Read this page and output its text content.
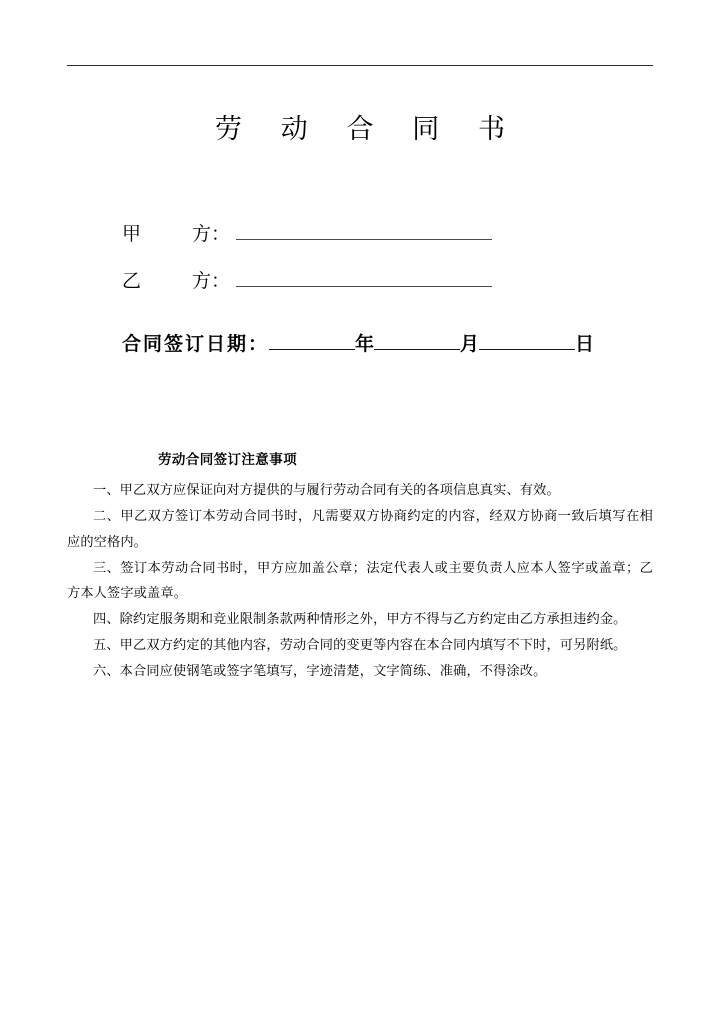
劳 动 合 同 书
甲	方 ：
乙	方 ：
合同签订日期：	年	月	日
劳动合同签订注意事项

一、甲乙双方应保证向对方提供的与履行劳动合同有关的各项信息真实、有效。

二、甲乙双方签订本劳动合同书时，凡需要双方协商约定的内容，经双方协商一致后填写在相应的空格内。

三、签订本劳动合同书时，甲方应加盖公章；法定代表人或主要负责人应本人签字或盖章；乙方本人签字或盖章。

四、除约定服务期和竞业限制条款两种情形之外，甲方不得与乙方约定由乙方承担违约金。

五、甲乙双方约定的其他内容，劳动合同的变更等内容在本合同内填写不下时，可另附纸。

六、本合同应使钢笔或签字笔填写，字迹清楚，文字简练、准确，不得涂改。
